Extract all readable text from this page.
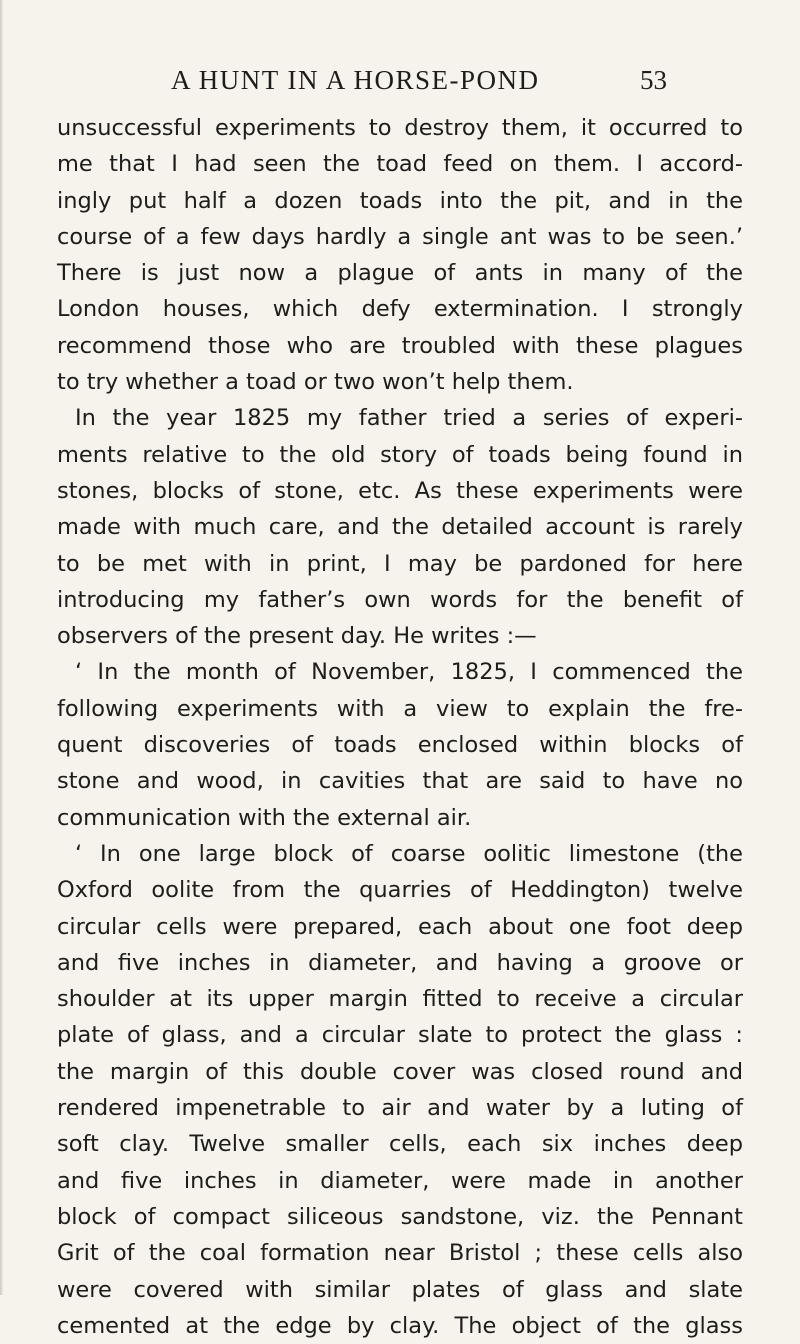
A HUNT IN A HORSE-POND	53
unsuccessful experiments to destroy them, it occurred to
me that I had seen the toad feed on them. I accord-
ingly put half a dozen toads into the pit, and in the
course of a few days hardly a single ant was to be seen.’
There is just now a plague of ants in many of the
London houses, which defy extermination. I strongly
recommend those who are troubled with these plagues
to try whether a toad or two won’t help them.
In the year 1825 my father tried a series of experi-
ments relative to the old story of toads being found in
stones, blocks of stone, etc. As these experiments were
made with much care, and the detailed account is rarely
to be met with in print, I may be pardoned for here
introducing my father’s own words for the benefit of
observers of the present day. He writes :—
‘ In the month of November, 1825, I commenced the
following experiments with a view to explain the fre-
quent discoveries of toads enclosed within blocks of
stone and wood, in cavities that are said to have no
communication with the external air.
‘ In one large block of coarse oolitic limestone (the
Oxford oolite from the quarries of Heddington) twelve
circular cells were prepared, each about one foot deep
and five inches in diameter, and having a groove or
shoulder at its upper margin fitted to receive a circular
plate of glass, and a circular slate to protect the glass :
the margin of this double cover was closed round and
rendered impenetrable to air and water by a luting of
soft clay. Twelve smaller cells, each six inches deep
and five inches in diameter, were made in another
block of compact siliceous sandstone, viz. the Pennant
Grit of the coal formation near Bristol ; these cells also
were covered with similar plates of glass and slate
cemented at the edge by clay. The object of the glass
